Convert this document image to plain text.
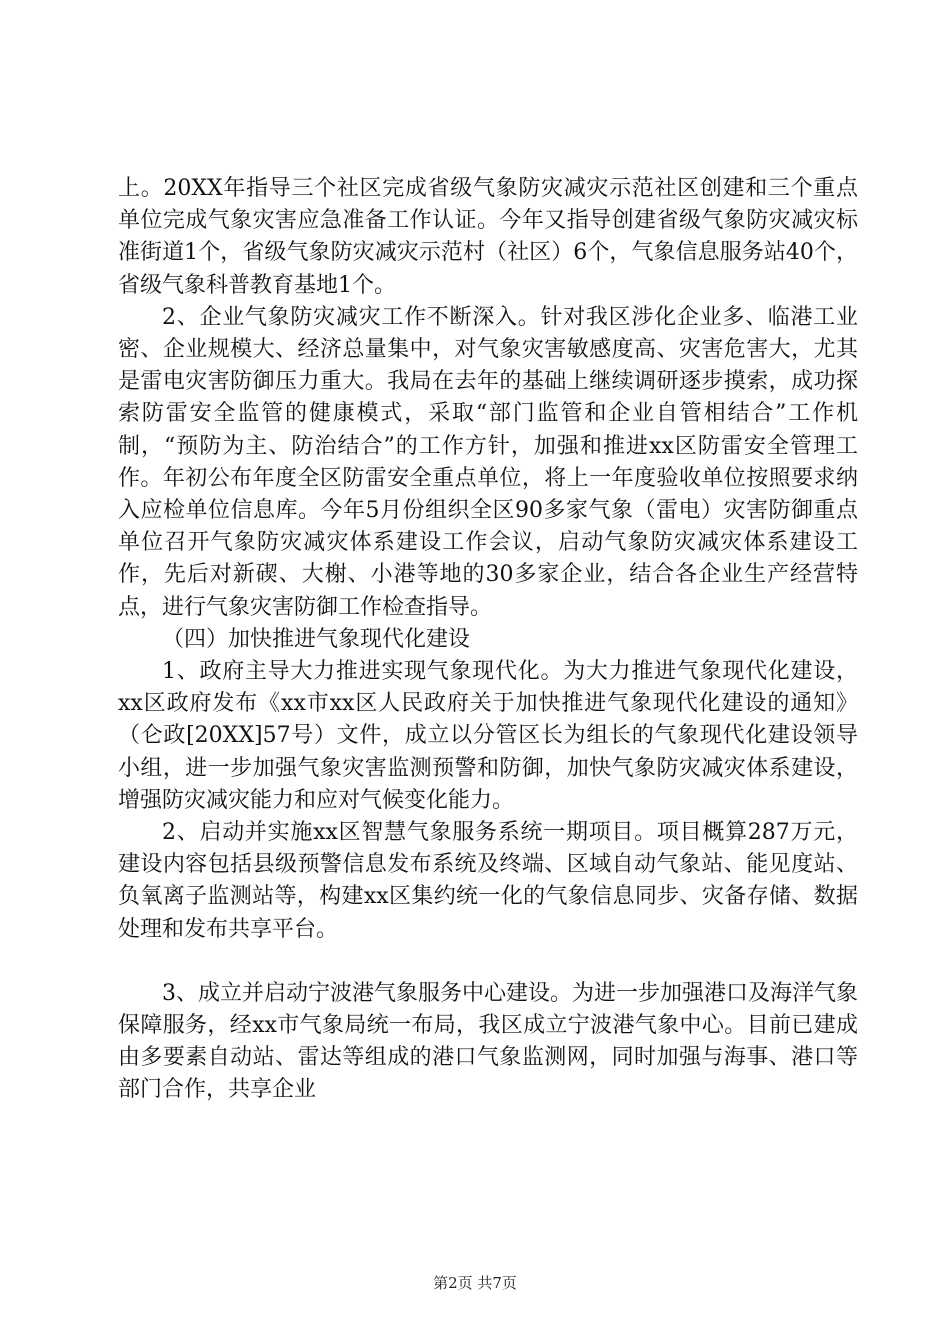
上。20XX年指导三个社区完成省级气象防灾减灾示范社区创建和三个重点单位完成气象灾害应急准备工作认证。今年又指导创建省级气象防灾减灾标准街道1个，省级气象防灾减灾示范村（社区）6个，气象信息服务站40个，省级气象科普教育基地1个。

2、企业气象防灾减灾工作不断深入。针对我区涉化企业多、临港工业密、企业规模大、经济总量集中，对气象灾害敏感度高、灾害危害大，尤其是雷电灾害防御压力重大。我局在去年的基础上继续调研逐步摸索，成功探索防雷安全监管的健康模式，采取“部门监管和企业自管相结合”工作机制，“预防为主、防治结合”的工作方针，加强和推进xx区防雷安全管理工作。年初公布年度全区防雷安全重点单位，将上一年度验收单位按照要求纳入应检单位信息库。今年5月份组织全区90多家气象（雷电）灾害防御重点单位召开气象防灾减灾体系建设工作会议，启动气象防灾减灾体系建设工作，先后对新碶、大榭、小港等地的30多家企业，结合各企业生产经营特点，进行气象灾害防御工作检查指导。

（四）加快推进气象现代化建设

1、政府主导大力推进实现气象现代化。为大力推进气象现代化建设，xx区政府发布《xx市xx区人民政府关于加快推进气象现代化建设的通知》（仑政[20XX]57号）文件，成立以分管区长为组长的气象现代化建设领导小组，进一步加强气象灾害监测预警和防御，加快气象防灾减灾体系建设，增强防灾减灾能力和应对气候变化能力。

2、启动并实施xx区智慧气象服务系统一期项目。项目概算287万元，建设内容包括县级预警信息发布系统及终端、区域自动气象站、能见度站、负氧离子监测站等，构建xx区集约统一化的气象信息同步、灾备存储、数据处理和发布共享平台。

3、成立并启动宁波港气象服务中心建设。为进一步加强港口及海洋气象保障服务，经xx市气象局统一布局，我区成立宁波港气象中心。目前已建成由多要素自动站、雷达等组成的港口气象监测网，同时加强与海事、港口等部门合作，共享企业

第2页 共7页
